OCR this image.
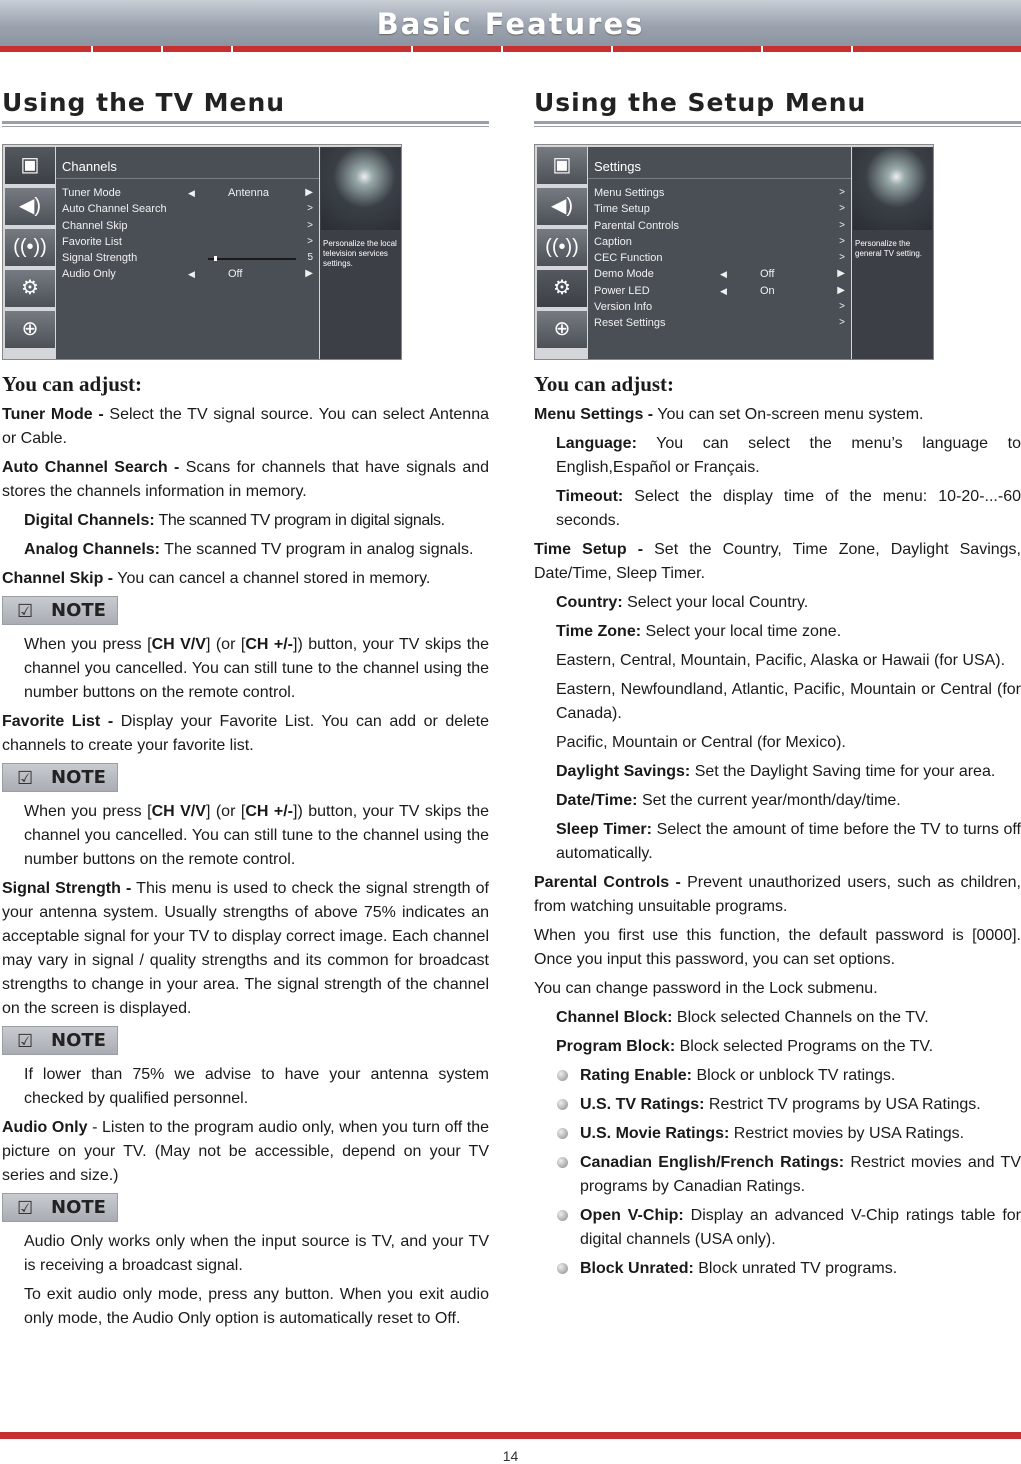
Basic Features
Using the TV Menu
▣
◀)
((•))
⚙
⊕
Channels
Tuner Mode	◀	Antenna	▶
Auto Channel Search	>
Channel Skip	>
Favorite List	>
Signal Strength	5
Audio Only	◀	Off	▶
Personalize the local television services settings.
You can adjust:

Tuner Mode - Select the TV signal source. You can select Antenna or Cable.

Auto Channel Search - Scans for channels that have signals and stores the channels information in memory.

Digital Channels: The scanned TV program in digital signals.

Analog Channels: The scanned TV program in analog signals.

Channel Skip - You can cancel a channel stored in memory.

☑ NOTE

When you press [CH V/V] (or [CH +/-]) button, your TV skips the channel you cancelled. You can still tune to the channel using the number buttons on the remote control.

Favorite List - Display your Favorite List. You can add or delete channels to create your favorite list.

☑ NOTE

When you press [CH V/V] (or [CH +/-]) button, your TV skips the channel you cancelled. You can still tune to the channel using the number buttons on the remote control.

Signal Strength - This menu is used to check the signal strength of your antenna system. Usually strengths of above 75% indicates an acceptable signal for your TV to display correct image. Each channel may vary in signal / quality strengths and its common for broadcast strengths to change in your area. The signal strength of the channel on the screen is displayed.

☑ NOTE

If lower than 75% we advise to have your antenna system checked by qualified personnel.

Audio Only - Listen to the program audio only, when you turn off the picture on your TV. (May not be accessible, depend on your TV series and size.)

☑ NOTE

Audio Only works only when the input source is TV, and your TV is receiving a broadcast signal.

To exit audio only mode, press any button. When you exit audio only mode, the Audio Only option is automatically reset to Off.

Using the Setup Menu
▣
◀)
((•))
⚙
⊕
Settings
Menu Settings	>
Time Setup	>
Parental Controls	>
Caption	>
CEC Function	>
Demo Mode	◀	Off	▶
Power LED	◀	On	▶
Version Info	>
Reset Settings	>
Personalize the general TV setting.
You can adjust:

Menu Settings - You can set On-screen menu system.

Language: You can select the menu’s language to English,Español or Français.

Timeout: Select the display time of the menu: 10-20-...-60 seconds.

Time Setup - Set the Country, Time Zone, Daylight Savings, Date/Time, Sleep Timer.

Country: Select your local Country.

Time Zone: Select your local time zone.

Eastern, Central, Mountain, Pacific, Alaska or Hawaii (for USA).

Eastern, Newfoundland, Atlantic, Pacific, Mountain or Central (for Canada).

Pacific, Mountain or Central (for Mexico).

Daylight Savings: Set the Daylight Saving time for your area.

Date/Time: Set the current year/month/day/time.

Sleep Timer: Select the amount of time before the TV to turns off automatically.

Parental Controls - Prevent unauthorized users, such as children, from watching unsuitable programs.

When you first use this function, the default password is [0000]. Once you input this password, you can set options.

You can change password in the Lock submenu.

Channel Block: Block selected Channels on the TV.

Program Block: Block selected Programs on the TV.

Rating Enable: Block or unblock TV ratings.

U.S. TV Ratings: Restrict TV programs by USA Ratings.

U.S. Movie Ratings: Restrict movies by USA Ratings.

Canadian English/French Ratings: Restrict movies and TV programs by Canadian Ratings.

Open V-Chip: Display an advanced V-Chip ratings table for digital channels (USA only).

Block Unrated: Block unrated TV programs.

14
